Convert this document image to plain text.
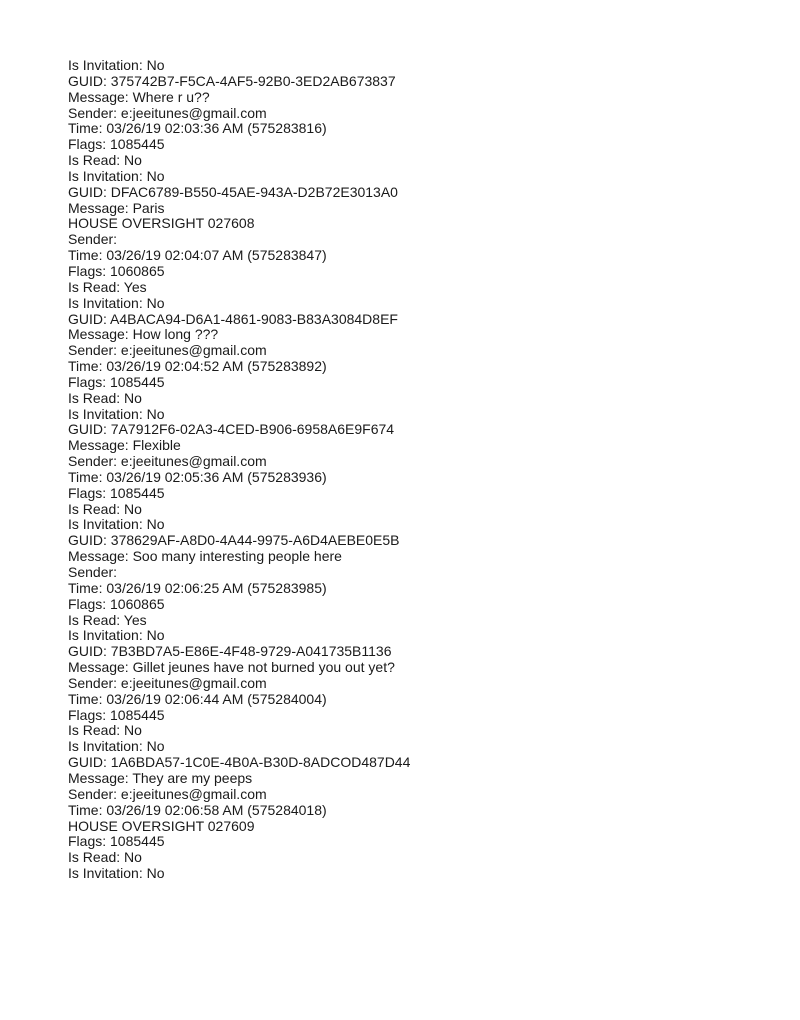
Is Invitation: No
GUID: 375742B7-F5CA-4AF5-92B0-3ED2AB673837
Message: Where r u??
Sender: e:jeeitunes@gmail.com
Time: 03/26/19 02:03:36 AM (575283816)
Flags: 1085445
Is Read: No
Is Invitation: No
GUID: DFAC6789-B550-45AE-943A-D2B72E3013A0
Message: Paris
HOUSE OVERSIGHT 027608
Sender:
Time: 03/26/19 02:04:07 AM (575283847)
Flags: 1060865
Is Read: Yes
Is Invitation: No
GUID: A4BACA94-D6A1-4861-9083-B83A3084D8EF
Message: How long ???
Sender: e:jeeitunes@gmail.com
Time: 03/26/19 02:04:52 AM (575283892)
Flags: 1085445
Is Read: No
Is Invitation: No
GUID: 7A7912F6-02A3-4CED-B906-6958A6E9F674
Message: Flexible
Sender: e:jeeitunes@gmail.com
Time: 03/26/19 02:05:36 AM (575283936)
Flags: 1085445
Is Read: No
Is Invitation: No
GUID: 378629AF-A8D0-4A44-9975-A6D4AEBE0E5B
Message: Soo many interesting people here
Sender:
Time: 03/26/19 02:06:25 AM (575283985)
Flags: 1060865
Is Read: Yes
Is Invitation: No
GUID: 7B3BD7A5-E86E-4F48-9729-A041735B1136
Message: Gillet jeunes have not burned you out yet?
Sender: e:jeeitunes@gmail.com
Time: 03/26/19 02:06:44 AM (575284004)
Flags: 1085445
Is Read: No
Is Invitation: No
GUID: 1A6BDA57-1C0E-4B0A-B30D-8ADCOD487D44
Message: They are my peeps
Sender: e:jeeitunes@gmail.com
Time: 03/26/19 02:06:58 AM (575284018)
HOUSE OVERSIGHT 027609
Flags: 1085445
Is Read: No
Is Invitation: No
